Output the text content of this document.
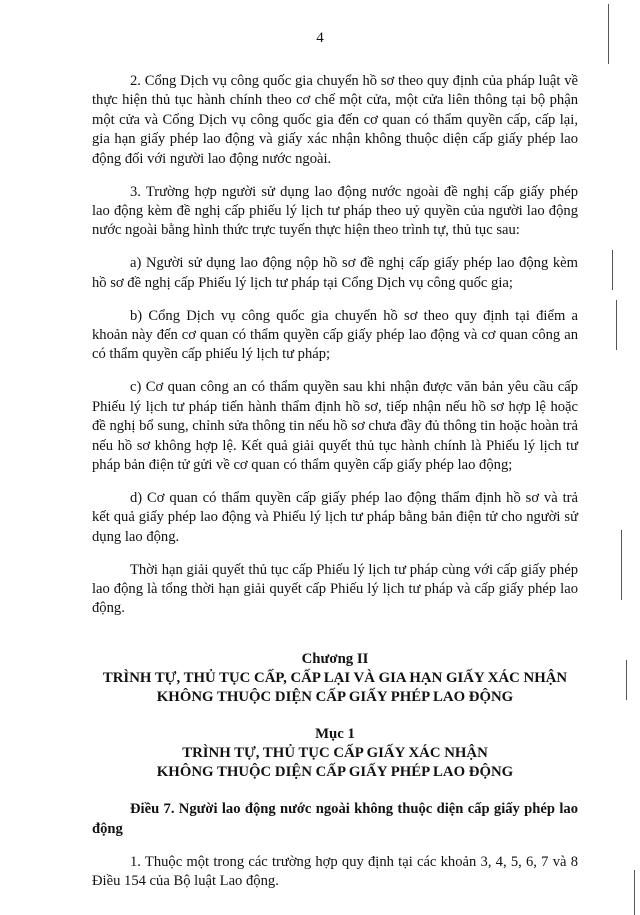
4

2. Cổng Dịch vụ công quốc gia chuyển hồ sơ theo quy định của pháp luật về thực hiện thủ tục hành chính theo cơ chế một cửa, một cửa liên thông tại bộ phận một cửa và Cổng Dịch vụ công quốc gia đến cơ quan có thẩm quyền cấp, cấp lại, gia hạn giấy phép lao động và giấy xác nhận không thuộc diện cấp giấy phép lao động đối với người lao động nước ngoài.

3. Trường hợp người sử dụng lao động nước ngoài đề nghị cấp giấy phép lao động kèm đề nghị cấp phiếu lý lịch tư pháp theo uỷ quyền của người lao động nước ngoài bằng hình thức trực tuyến thực hiện theo trình tự, thủ tục sau:

a) Người sử dụng lao động nộp hồ sơ đề nghị cấp giấy phép lao động kèm hồ sơ đề nghị cấp Phiếu lý lịch tư pháp tại Cổng Dịch vụ công quốc gia;

b) Cổng Dịch vụ công quốc gia chuyển hồ sơ theo quy định tại điểm a khoản này đến cơ quan có thẩm quyền cấp giấy phép lao động và cơ quan công an có thẩm quyền cấp phiếu lý lịch tư pháp;

c) Cơ quan công an có thẩm quyền sau khi nhận được văn bản yêu cầu cấp Phiếu lý lịch tư pháp tiến hành thẩm định hồ sơ, tiếp nhận nếu hồ sơ hợp lệ hoặc đề nghị bổ sung, chỉnh sửa thông tin nếu hồ sơ chưa đầy đủ thông tin hoặc hoàn trả nếu hồ sơ không hợp lệ. Kết quả giải quyết thủ tục hành chính là Phiếu lý lịch tư pháp bản điện tử gửi về cơ quan có thẩm quyền cấp giấy phép lao động;

d) Cơ quan có thẩm quyền cấp giấy phép lao động thẩm định hồ sơ và trả kết quả giấy phép lao động và Phiếu lý lịch tư pháp bằng bản điện tử cho người sử dụng lao động.

Thời hạn giải quyết thủ tục cấp Phiếu lý lịch tư pháp cùng với cấp giấy phép lao động là tổng thời hạn giải quyết cấp Phiếu lý lịch tư pháp và cấp giấy phép lao động.

Chương II
TRÌNH TỰ, THỦ TỤC CẤP, CẤP LẠI VÀ GIA HẠN GIẤY XÁC NHẬN
KHÔNG THUỘC DIỆN CẤP GIẤY PHÉP LAO ĐỘNG
Mục 1
TRÌNH TỰ, THỦ TỤC CẤP GIẤY XÁC NHẬN
KHÔNG THUỘC DIỆN CẤP GIẤY PHÉP LAO ĐỘNG

Điều 7. Người lao động nước ngoài không thuộc diện cấp giấy phép lao động

1. Thuộc một trong các trường hợp quy định tại các khoản 3, 4, 5, 6, 7 và 8 Điều 154 của Bộ luật Lao động.
